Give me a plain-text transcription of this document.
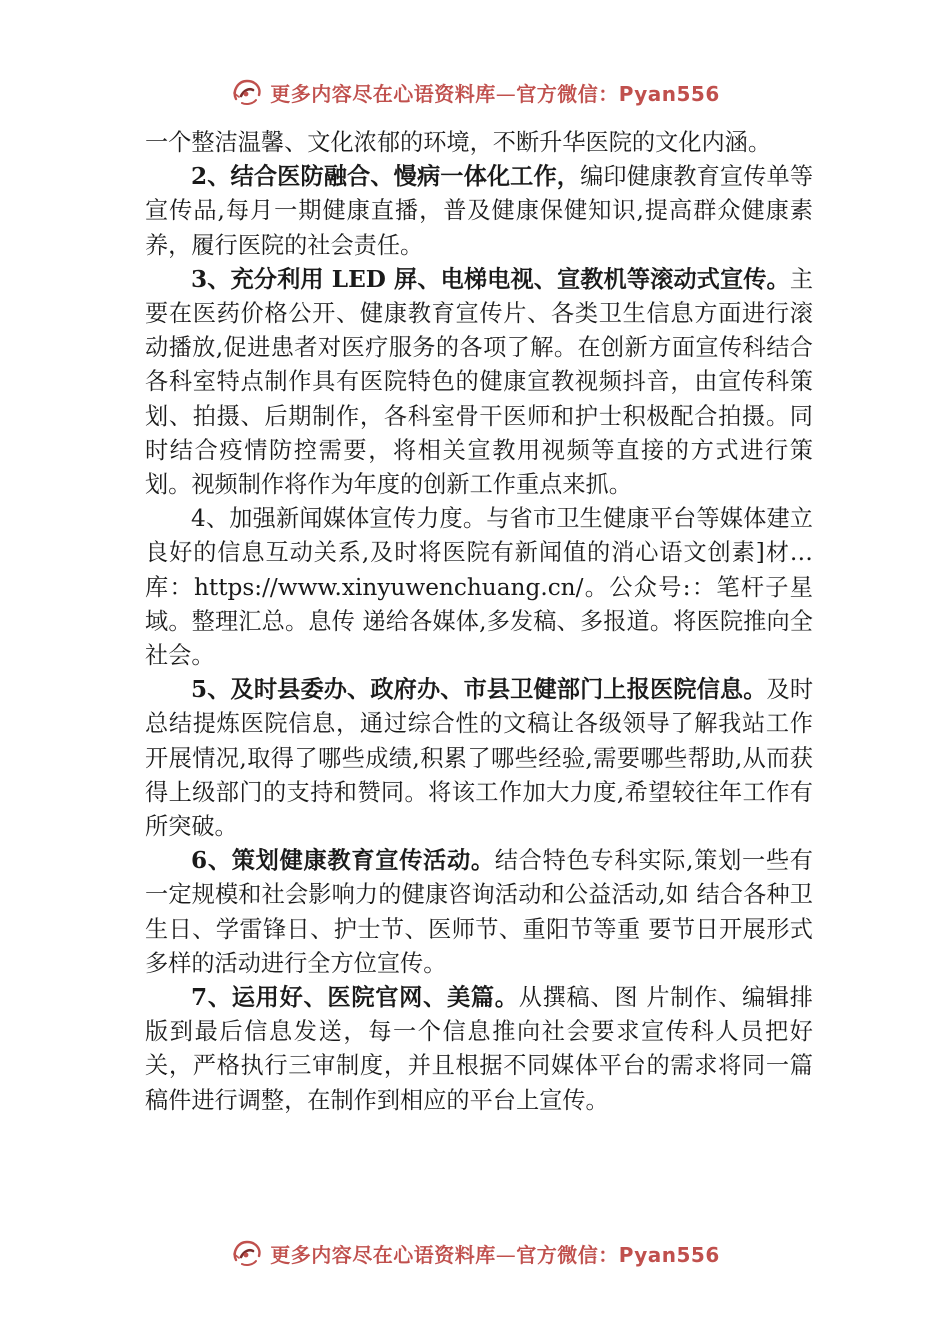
更多内容尽在心语资料库—官方微信：Pyan556

一个整洁温馨、文化浓郁的环境，不断升华医院的文化内涵。

2、结合医防融合、慢病一体化工作，编印健康教育宣传单等宣传品,每月一期健康直播，普及健康保健知识,提高群众健康素养，履行医院的社会责任。

3、充分利用 LED 屏、电梯电视、宣教机等滚动式宣传。主要在医药价格公开、健康教育宣传片、各类卫生信息方面进行滚动播放,促进患者对医疗服务的各项了解。在创新方面宣传科结合各科室特点制作具有医院特色的健康宣教视频抖音，由宣传科策划、拍摄、后期制作，各科室骨干医师和护士积极配合拍摄。同时结合疫情防控需要，将相关宣教用视频等直接的方式进行策划。视频制作将作为年度的创新工作重点来抓。

4、加强新闻媒体宣传力度。与省市卫生健康平台等媒体建立良好的信息互动关系,及时将医院有新闻值的消心语文创素]材…库：https://www.xinyuwenchuang.cn/。公众号:：笔杆子星域。整理汇总。息传 递给各媒体,多发稿、多报道。将医院推向全社会。

5、及时县委办、政府办、市县卫健部门上报医院信息。及时总结提炼医院信息，通过综合性的文稿让各级领导了解我站工作开展情况,取得了哪些成绩,积累了哪些经验,需要哪些帮助,从而获得上级部门的支持和赞同。将该工作加大力度,希望较往年工作有所突破。

6、策划健康教育宣传活动。结合特色专科实际,策划一些有一定规模和社会影响力的健康咨询活动和公益活动,如 结合各种卫生日、学雷锋日、护士节、医师节、重阳节等重 要节日开展形式多样的活动进行全方位宣传。

7、运用好、医院官网、美篇。从撰稿、图 片制作、编辑排版到最后信息发送，每一个信息推向社会要求宣传科人员把好关，严格执行三审制度，并且根据不同媒体平台的需求将同一篇稿件进行调整，在制作到相应的平台上宣传。

更多内容尽在心语资料库—官方微信：Pyan556
